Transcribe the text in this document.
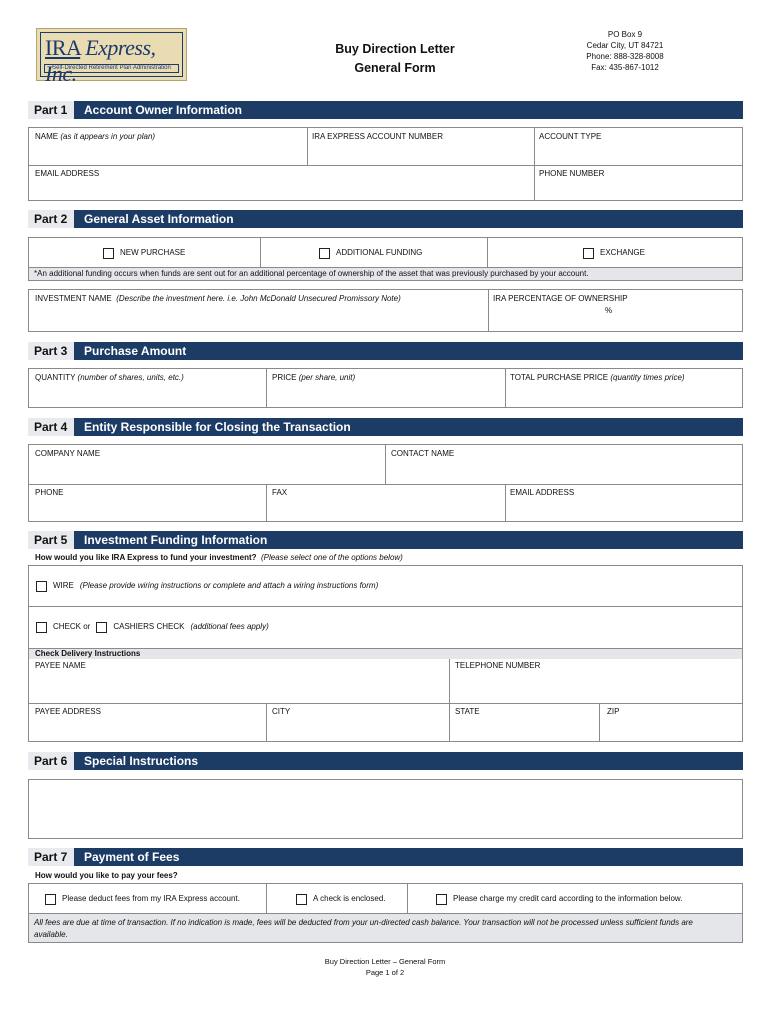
IRA Express, Inc.
Self-Directed Retirement Plan Administration
Buy Direction Letter
General Form
PO Box 9
Cedar City, UT 84721
Phone: 888-328-8008
Fax: 435-867-1012
Part 1	Account Owner Information
NAME (as it appears in your plan)	IRA EXPRESS ACCOUNT NUMBER	ACCOUNT TYPE
EMAIL ADDRESS	PHONE NUMBER
Part 2	General Asset Information
NEW PURCHASE	ADDITIONAL FUNDING	EXCHANGE
*An additional funding occurs when funds are sent out for an additional percentage of ownership of the asset that was previously purchased by your account.
INVESTMENT NAME (Describe the investment here. i.e. John McDonald Unsecured Promissory Note)	IRA PERCENTAGE OF OWNERSHIP
%
Part 3	Purchase Amount
QUANTITY (number of shares, units, etc.)	PRICE (per share, unit)	TOTAL PURCHASE PRICE (quantity times price)
Part 4	Entity Responsible for Closing the Transaction
COMPANY NAME	CONTACT NAME
PHONE	FAX	EMAIL ADDRESS
Part 5	Investment Funding Information
How would you like IRA Express to fund your investment? (Please select one of the options below)
WIRE (Please provide wiring instructions or complete and attach a wiring instructions form)
CHECK or	CASHIERS CHECK (additional fees apply)
Check Delivery Instructions
PAYEE NAME	TELEPHONE NUMBER
PAYEE ADDRESS	CITY	STATE	ZIP
Part 6	Special Instructions
Part 7	Payment of Fees
How would you like to pay your fees?
Please deduct fees from my IRA Express account.	A check is enclosed.	Please charge my credit card according to the information below.
All fees are due at time of transaction. If no indication is made, fees will be deducted from your un-directed cash balance. Your transaction will not be processed unless sufficient funds are available.
Buy Direction Letter – General Form
Page 1 of 2
